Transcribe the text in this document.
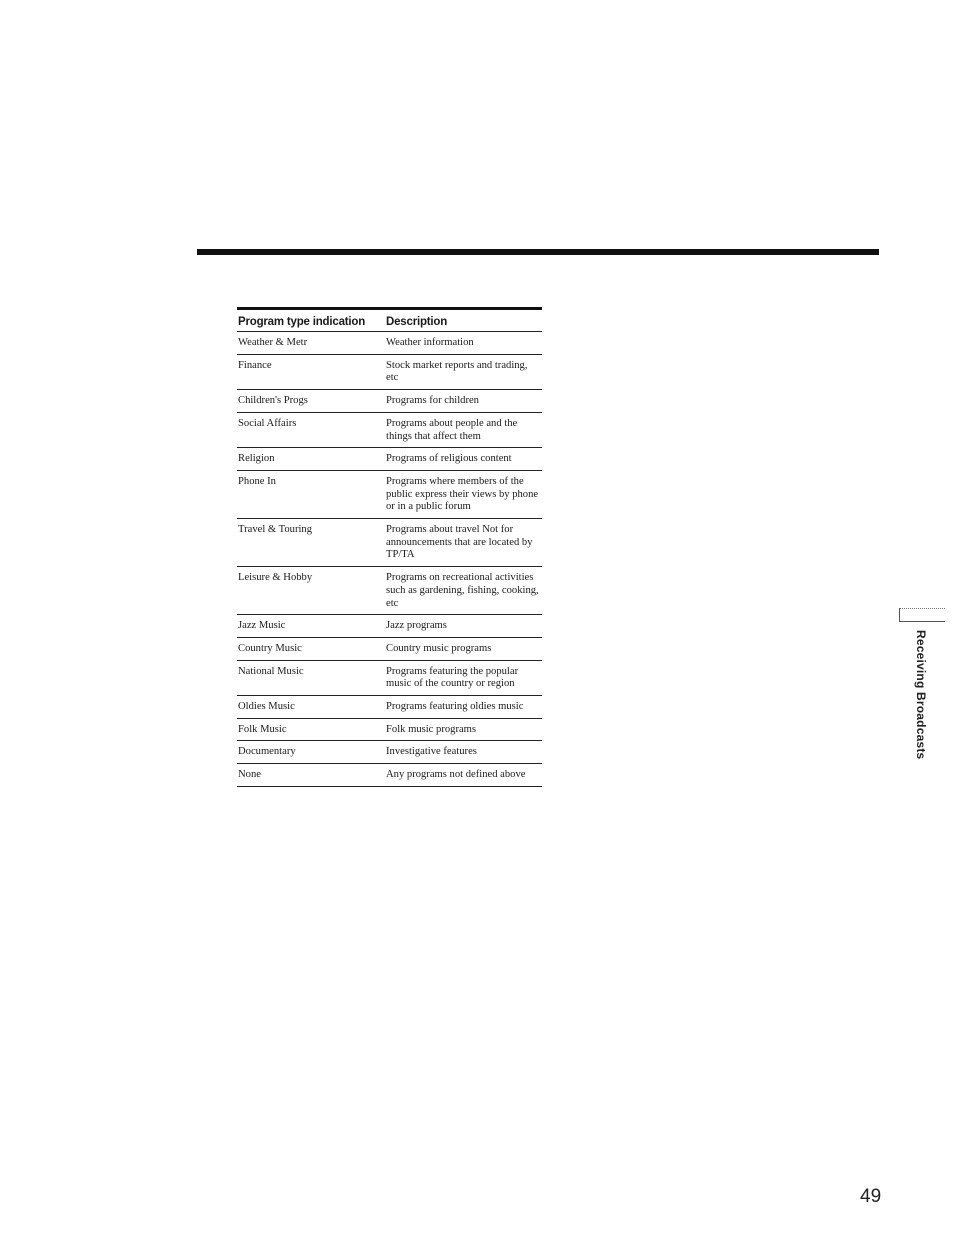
Program type indication	Description
Weather & Metr	Weather information
Finance	Stock market reports and trading, etc
Children's Progs	Programs for children
Social Affairs	Programs about people and the things that affect them
Religion	Programs of religious content
Phone In	Programs where members of the public express their views by phone or in a public forum
Travel & Touring	Programs about travel Not for announcements that are located by TP/TA
Leisure & Hobby	Programs on recreational activities such as gardening, fishing, cooking, etc
Jazz Music	Jazz programs
Country Music	Country music programs
National Music	Programs featuring the popular music of the country or region
Oldies Music	Programs featuring oldies music
Folk Music	Folk music programs
Documentary	Investigative features
None	Any programs not defined above
Receiving Broadcasts
49
